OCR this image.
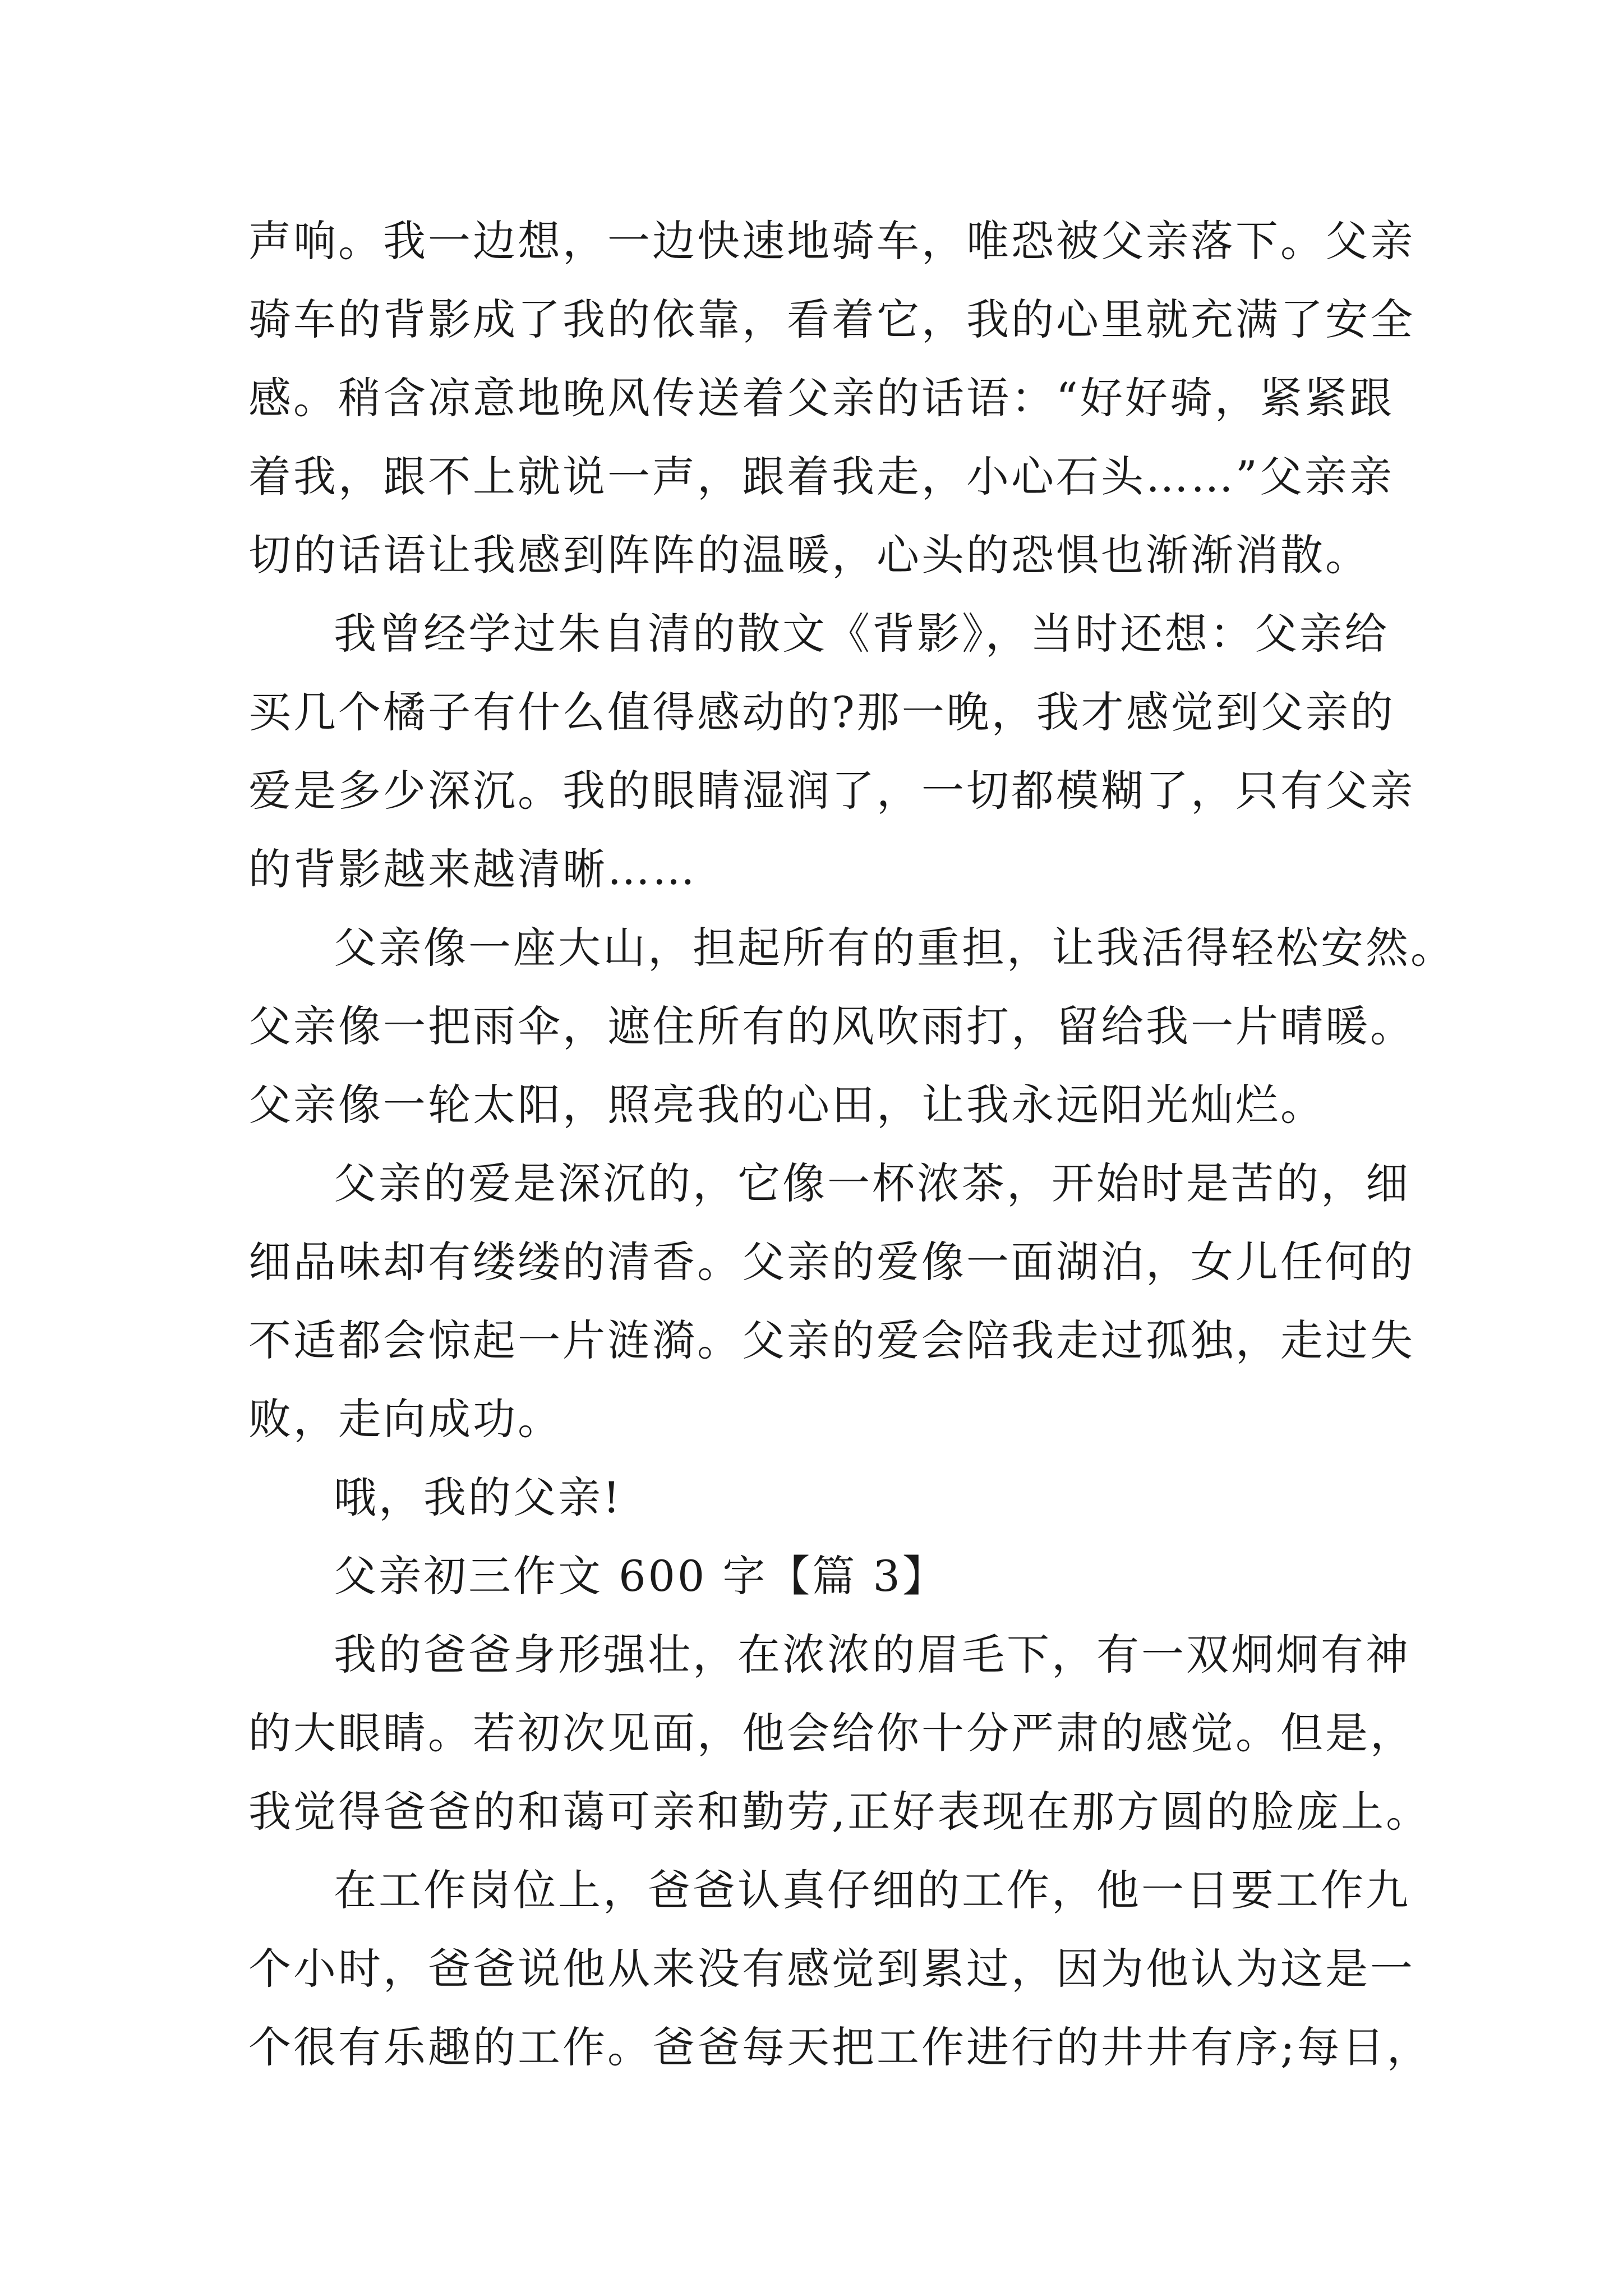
声响。我一边想，一边快速地骑车，唯恐被父亲落下。父亲
骑车的背影成了我的依靠，看着它，我的心里就充满了安全
感。稍含凉意地晚风传送着父亲的话语：“好好骑，紧紧跟
着我，跟不上就说一声，跟着我走，小心石头……”父亲亲
切的话语让我感到阵阵的温暖，心头的恐惧也渐渐消散。
我曾经学过朱自清的散文《背影》，当时还想：父亲给
买几个橘子有什么值得感动的?那一晚，我才感觉到父亲的
爱是多少深沉。我的眼睛湿润了，一切都模糊了，只有父亲
的背影越来越清晰……
父亲像一座大山，担起所有的重担，让我活得轻松安然。
父亲像一把雨伞，遮住所有的风吹雨打，留给我一片晴暖。
父亲像一轮太阳，照亮我的心田，让我永远阳光灿烂。
父亲的爱是深沉的，它像一杯浓茶，开始时是苦的，细
细品味却有缕缕的清香。父亲的爱像一面湖泊，女儿任何的
不适都会惊起一片涟漪。父亲的爱会陪我走过孤独，走过失
败，走向成功。
哦，我的父亲!
父亲初三作文 600 字【篇 3】
我的爸爸身形强壮，在浓浓的眉毛下，有一双炯炯有神
的大眼睛。若初次见面，他会给你十分严肃的感觉。但是，
我觉得爸爸的和蔼可亲和勤劳,正好表现在那方圆的脸庞上。
在工作岗位上，爸爸认真仔细的工作，他一日要工作九
个小时，爸爸说他从来没有感觉到累过，因为他认为这是一
个很有乐趣的工作。爸爸每天把工作进行的井井有序;每日，
